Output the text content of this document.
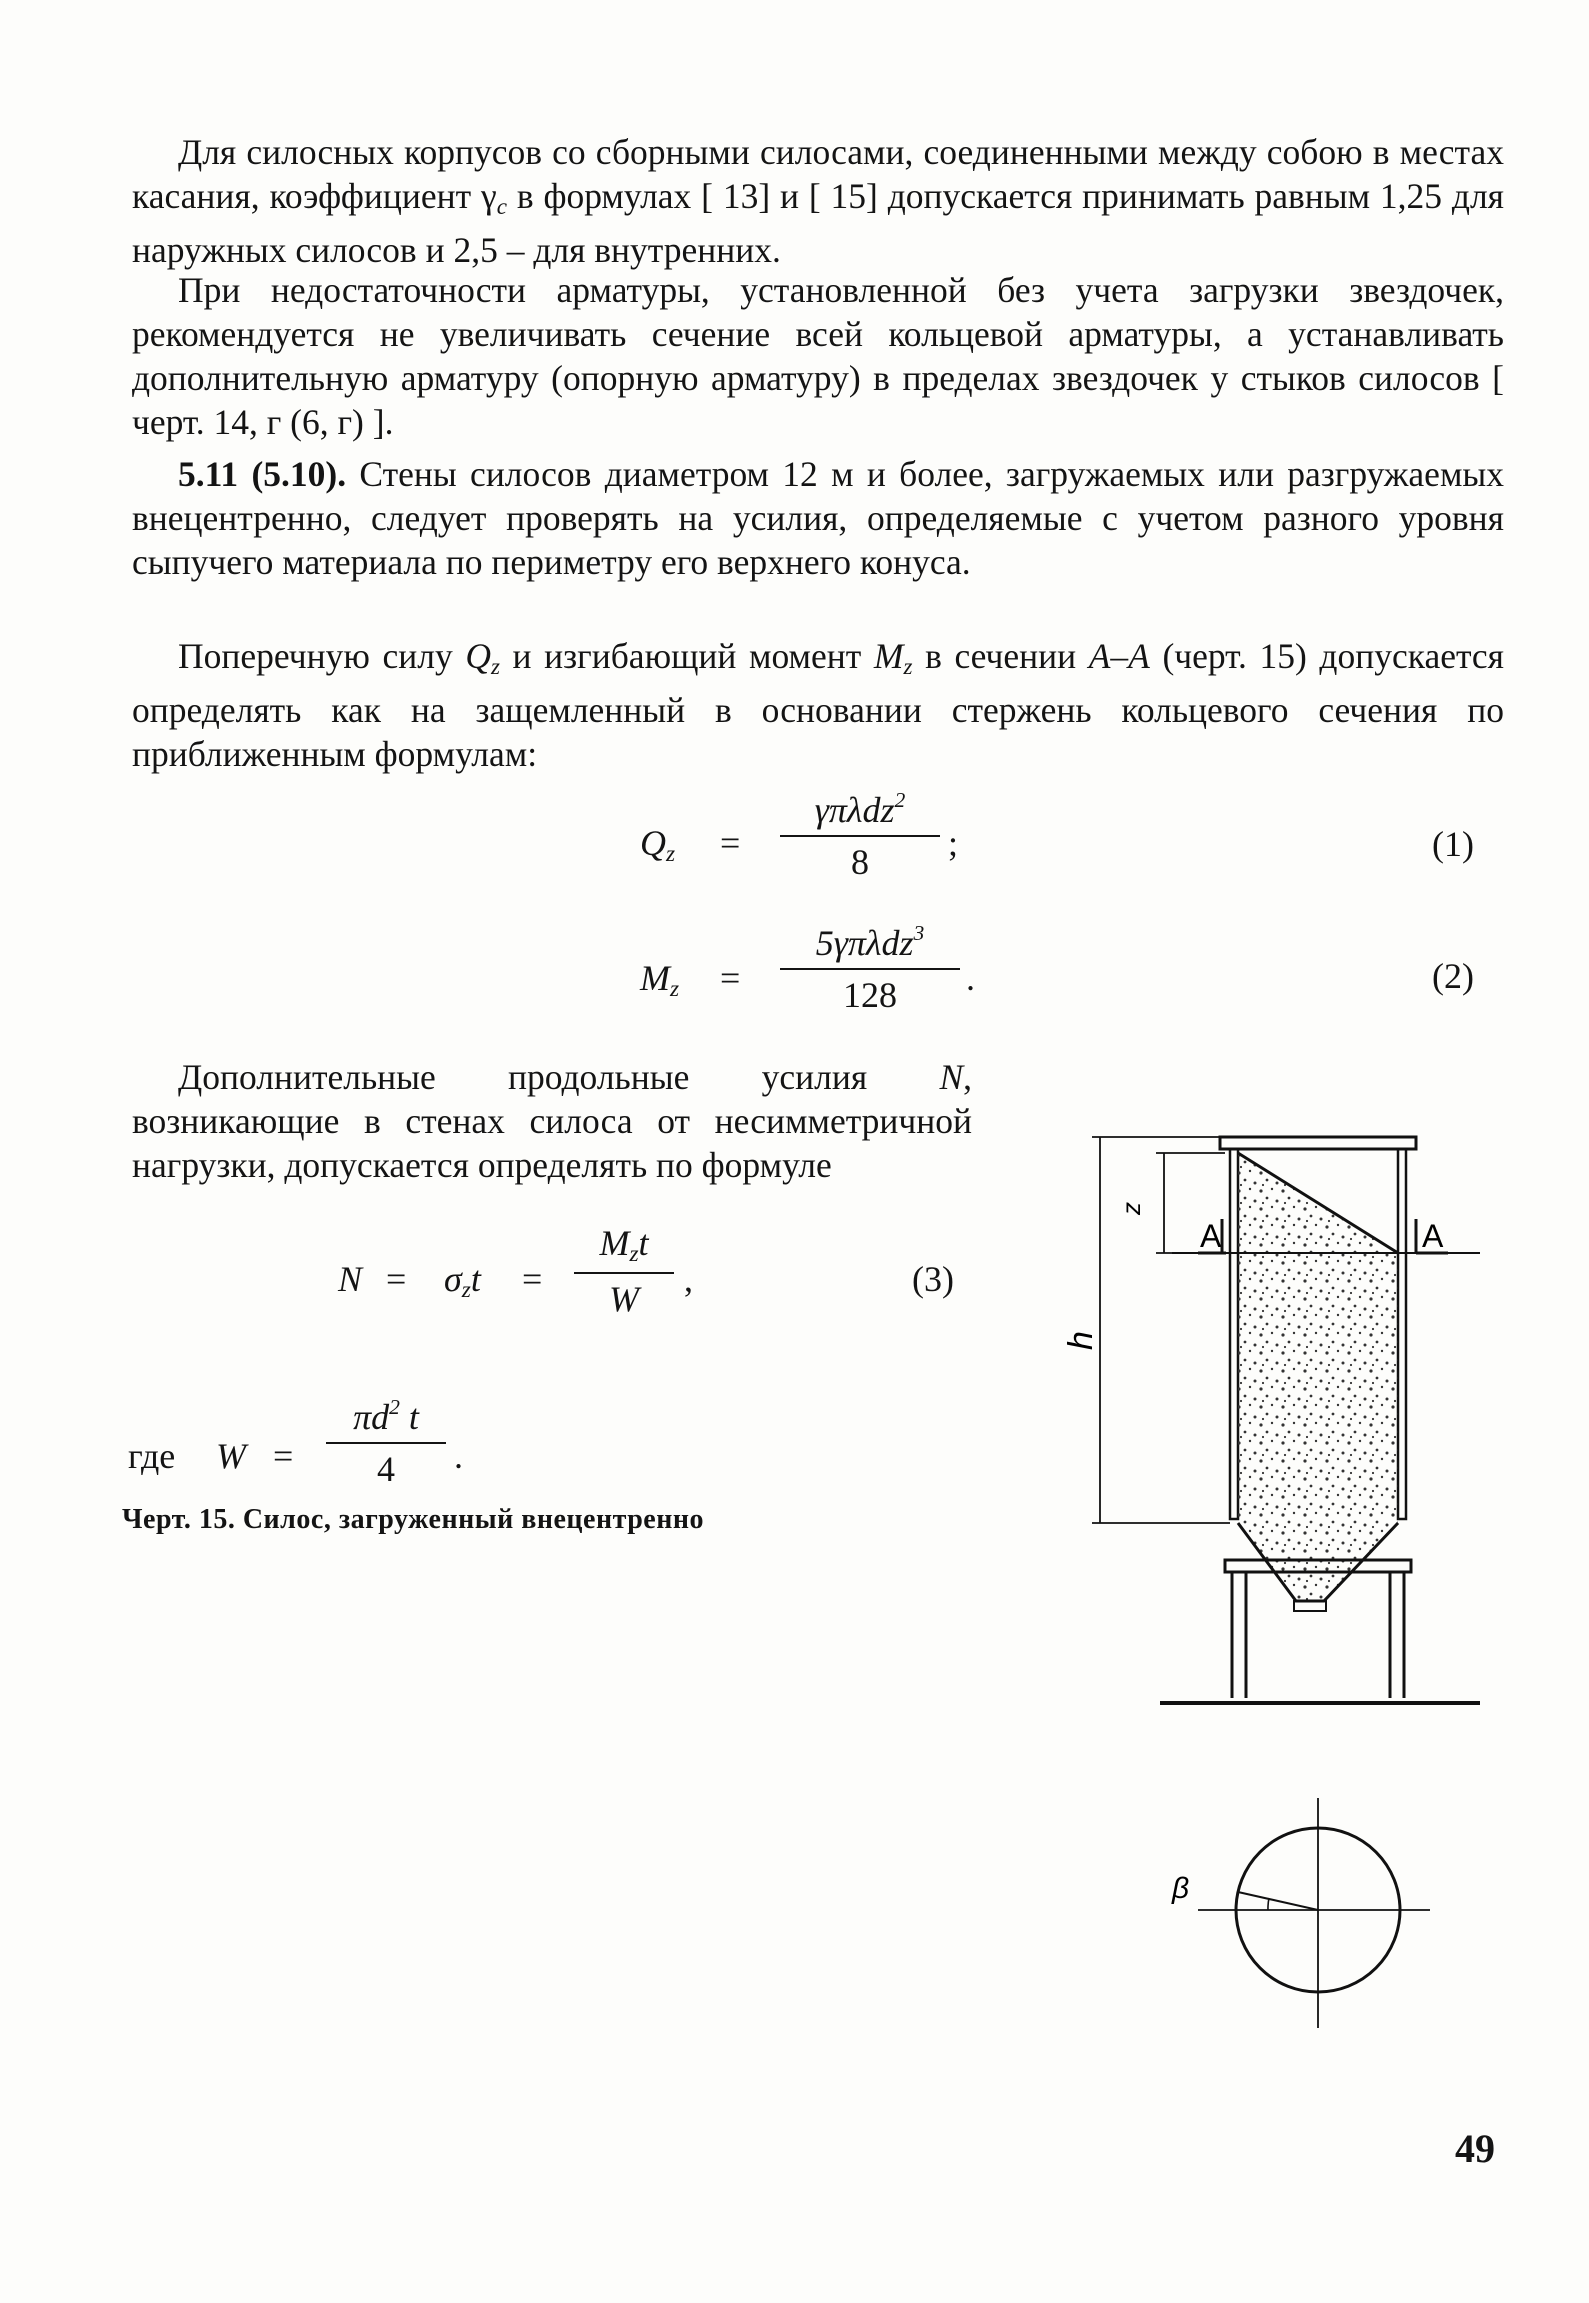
Для силосных корпусов со сборными силосами, соединенными между собою в местах касания, коэффициент $\gamma_c$ в формулах [ 13] и [ 15] допускается принимать равным 1,25 для наружных силосов и 2,5 – для внутренних.

При недостаточности арматуры, установленной без учета загрузки звездочек, рекомендуется не увеличивать сечение всей кольцевой арматуры, а устанавливать дополнительную арматуру (опорную арматуру) в пределах звездочек у стыков силосов [ черт. 14, г (6, г) ].

5.11 (5.10). Стены силосов диаметром 12 м и более, загружаемых или разгружаемых внецентренно, следует проверять на усилия, определяемые с учетом разного уровня сыпучего материала по периметру его верхнего конуса.

Поперечную силу $Q_z$ и изгибающий момент $M_z$ в сечении A–A (черт. 15) допускается определять как на защемленный в основании стержень кольцевого сечения по приближенным формулам:

$Q_z$ =
γπλdz$^2$
8	;	(1)
$M_z$ =
5γπλdz$^3$
128	.	(2)

Дополнительные продольные усилия N, возникающие в стенах силоса от несимметричной нагрузки, допускается определять по формуле

$N = \sigma_zt$ =
$M_zt$
W	,	(3)
где W =
$\pi d^2$ t
4	.
z
h
A	A
β
Черт. 15. Силос, загруженный внецентренно
49
